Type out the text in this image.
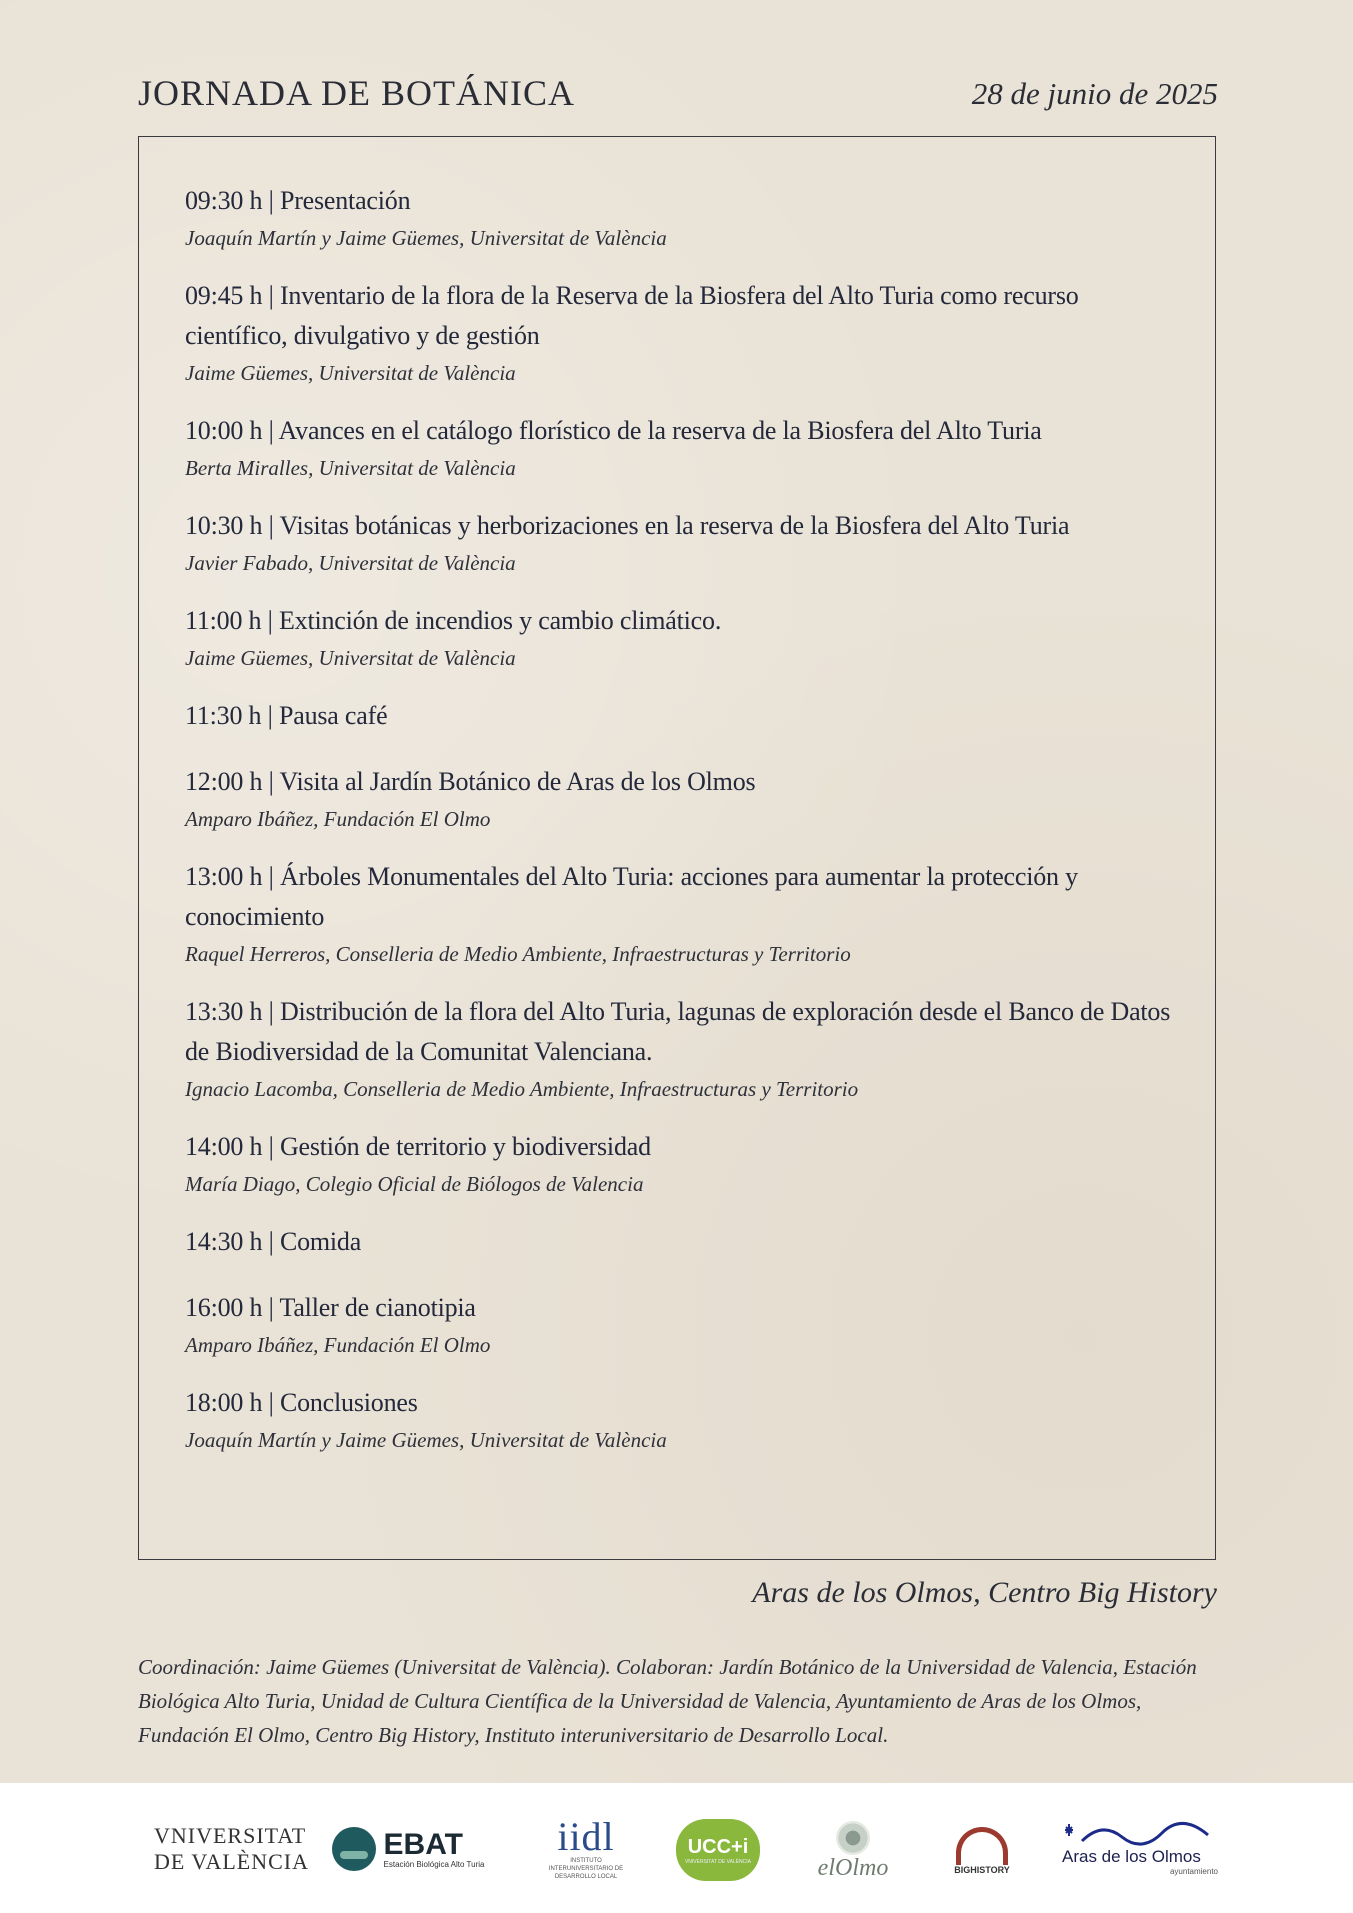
JORNADA DE BOTÁNICA	28 de junio de 2025
09:30 h | Presentación
Joaquín Martín y Jaime Güemes, Universitat de València
09:45 h | Inventario de la flora de la Reserva de la Biosfera del Alto Turia como recurso científico, divulgativo y de gestión
Jaime Güemes, Universitat de València
10:00 h | Avances en el catálogo florístico de la reserva de la Biosfera del Alto Turia
Berta Miralles, Universitat de València
10:30 h | Visitas botánicas y herborizaciones en la reserva de la Biosfera del Alto Turia
Javier Fabado, Universitat de València
11:00 h | Extinción de incendios y cambio climático.
Jaime Güemes, Universitat de València
11:30 h | Pausa café
12:00 h | Visita al Jardín Botánico de Aras de los Olmos
Amparo Ibáñez, Fundación El Olmo
13:00 h | Árboles Monumentales del Alto Turia: acciones para aumentar la protección y conocimiento
Raquel Herreros, Conselleria de Medio Ambiente, Infraestructuras y Territorio
13:30 h | Distribución de la flora del Alto Turia, lagunas de exploración desde el Banco de Datos de Biodiversidad de la Comunitat Valenciana.
Ignacio Lacomba, Conselleria de Medio Ambiente, Infraestructuras y Territorio
14:00 h | Gestión de territorio y biodiversidad
María Diago, Colegio Oficial de Biólogos de Valencia
14:30 h | Comida
16:00 h | Taller de cianotipia
Amparo Ibáñez, Fundación El Olmo
18:00 h | Conclusiones
Joaquín Martín y Jaime Güemes, Universitat de València
Aras de los Olmos, Centro Big History
Coordinación: Jaime Güemes (Universitat de València). Colaboran: Jardín Botánico de la Universidad de Valencia, Estación Biológica Alto Turia, Unidad de Cultura Científica de la Universidad de Valencia, Ayuntamiento de Aras de los Olmos, Fundación El Olmo, Centro Big History, Instituto interuniversitario de Desarrollo Local.
VNIVERSITAT
DE VALÈNCIA
EBAT
Estación Biológica Alto Turia
iidl
INSTITUTO INTERUNIVERSITARIO DE DESARROLLO LOCAL
UCC+i
VNIVERSITAT DE VALÈNCIA	elOlmo	BIGHISTORY
Aras de los Olmos
ayuntamiento
